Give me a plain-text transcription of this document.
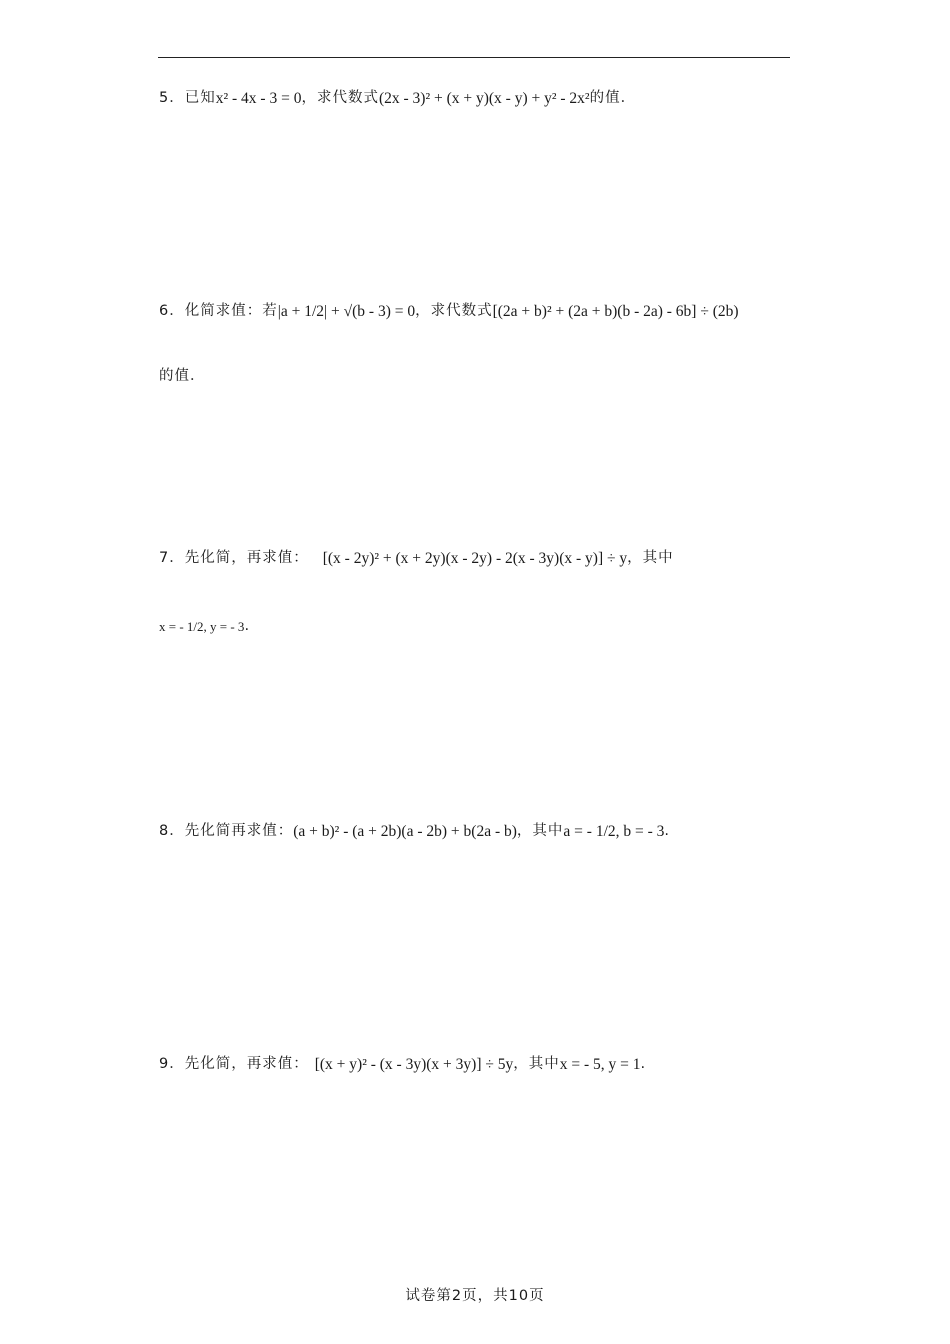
5．已知x² - 4x - 3 = 0，求代数式(2x - 3)² + (x + y)(x - y) + y² - 2x²的值．
6．化简求值：若|a + 1/2| + √(b - 3) = 0，求代数式[(2a + b)² + (2a + b)(b - 2a) - 6b] ÷ (2b)
的值．
7．先化简，再求值： [(x - 2y)² + (x + 2y)(x - 2y) - 2(x - 3y)(x - y)] ÷ y，其中
x = - 1/2, y = - 3.
8．先化简再求值：(a + b)² - (a + 2b)(a - 2b) + b(2a - b)，其中a = - 1/2, b = - 3.
9．先化简，再求值： [(x + y)² - (x - 3y)(x + 3y)] ÷ 5y，其中x = - 5, y = 1.
试卷第2页，共10页
